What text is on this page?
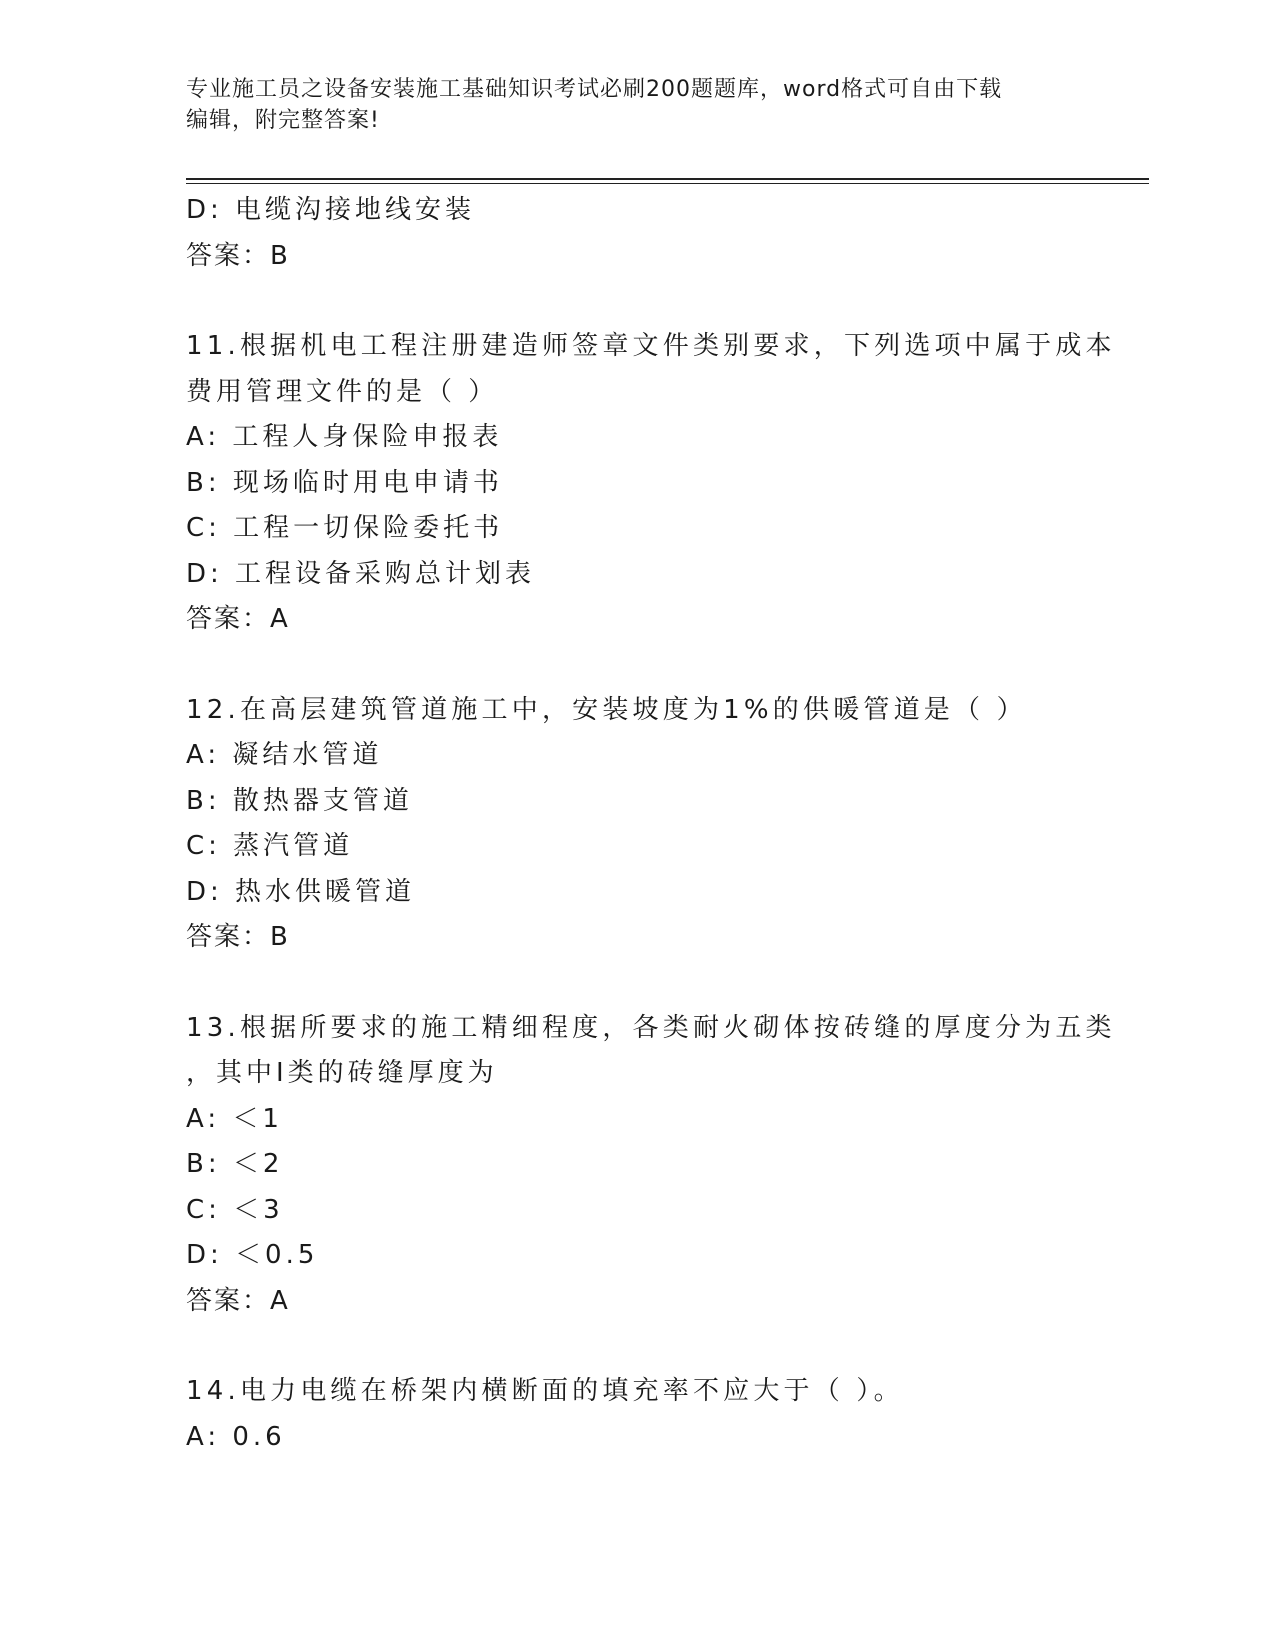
专业施工员之设备安装施工基础知识考试必刷200题题库，word格式可自由下载
编辑，附完整答案!
D: 电缆沟接地线安装
答案：B
11.根据机电工程注册建造师签章文件类别要求，下列选项中属于成本
费用管理文件的是（ ）
A: 工程人身保险申报表
B: 现场临时用电申请书
C: 工程一切保险委托书
D: 工程设备采购总计划表
答案：A
12.在高层建筑管道施工中，安装坡度为1%的供暖管道是（ ）
A: 凝结水管道
B: 散热器支管道
C: 蒸汽管道
D: 热水供暖管道
答案：B
13.根据所要求的施工精细程度，各类耐火砌体按砖缝的厚度分为五类
，其中Ⅰ类的砖缝厚度为
A: ＜1
B: ＜2
C: ＜3
D: ＜0.5
答案：A
14.电力电缆在桥架内横断面的填充率不应大于（ ）。
A: 0.6
